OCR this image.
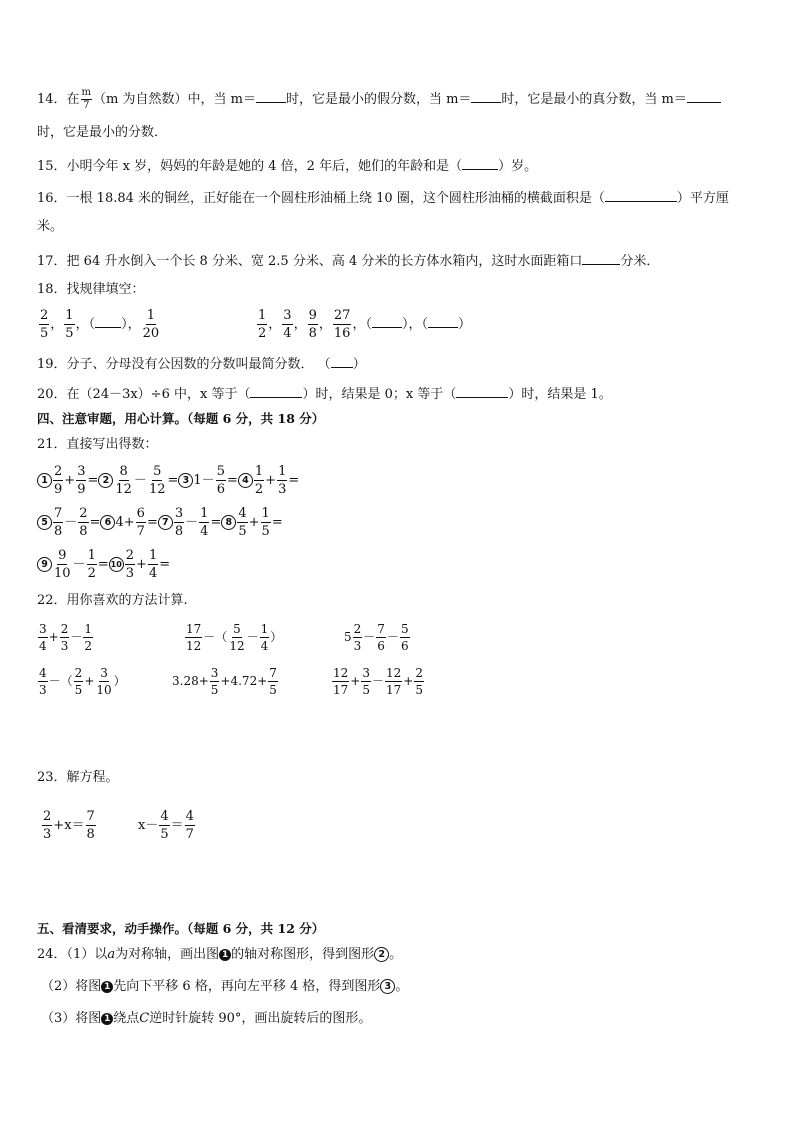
14．在 $\frac{m}{7} (m$ 为自然数）中，当 m＝ 时，它是最小的假分数，当 m＝ 时，它是最小的真分数，当 m＝
时，它是最小的分数．
15．小明今年 x 岁，妈妈的年龄是她的 4 倍，2 年后，她们的年龄和是（	）岁。
16．一根 18.84 米的铜丝，正好能在一个圆柱形油桶上绕 10 圈，这个圆柱形油桶的横截面积是（	）平方厘
米。
17．把 64 升水倒入一个长 8 分米、宽 2.5 分米、高 4 分米的长方体水箱内，这时水面距箱口	分米．
18．找规律填空：
$\frac{2}{5}$ ， $\frac{1}{5}$ ，（ ）， $\frac{1}{20}$	$\frac{1}{2}$ ， $\frac{3}{4}$ ， $\frac{9}{8}$ ， $\frac{27}{16}$ ，（ ），（ ）
19．分子、分母没有公因数的分数叫最简分数． （ ）
20．在（24－3x）÷6 中，x 等于（	）时，结果是 0；x 等于（	）时，结果是 1。
四、注意审题，用心计算。（每题 6 分，共 18 分）
21．直接写出得数：
$1 \frac{2}{9} + \frac{3}{9} = 2 \frac{8}{12} - \frac{5}{12} = 3$ $1- \frac{5}{6} = 4 \frac{1}{2} + \frac{1}{3}$ =
$5 \frac{7}{8} - \frac{2}{8} = 6$ $4+ \frac{6}{7} = 7 \frac{3}{8} - \frac{1}{4} = 8 \frac{4}{5} + \frac{1}{5}$ =
$9 \frac{9}{10} - \frac{1}{2} = 10 \frac{2}{3} + \frac{1}{4}$ =
22．用你喜欢的方法计算.
$\frac{3}{4} + \frac{2}{3} - \frac{1}{2}$	$\frac{17}{12}$ －（ $\frac{5}{12} - \frac{1}{4}$ ）	$5 \frac{2}{3} - \frac{7}{6} - \frac{5}{6}$
$\frac{4}{3}$ －（ $\frac{2}{5} + \frac{3}{10}$ ）	$3.28+ \frac{3}{5} +4.72+ \frac{7}{5}$	$\frac{12}{17} + \frac{3}{5} - \frac{12}{17} + \frac{2}{5}$
23．解方程。
$\frac{2}{3} +x= \frac{7}{8}$	$x- \frac{4}{5} = \frac{4}{7}$
五、看清要求，动手操作。（每题 6 分，共 12 分）
24．（1）以a为对称轴，画出图 1 的轴对称图形，得到图形 2 。
（2）将图 1 先向下平移 6 格，再向左平移 4 格，得到图形 3 。
（3）将图 1 绕点C逆时针旋转 90°，画出旋转后的图形。
